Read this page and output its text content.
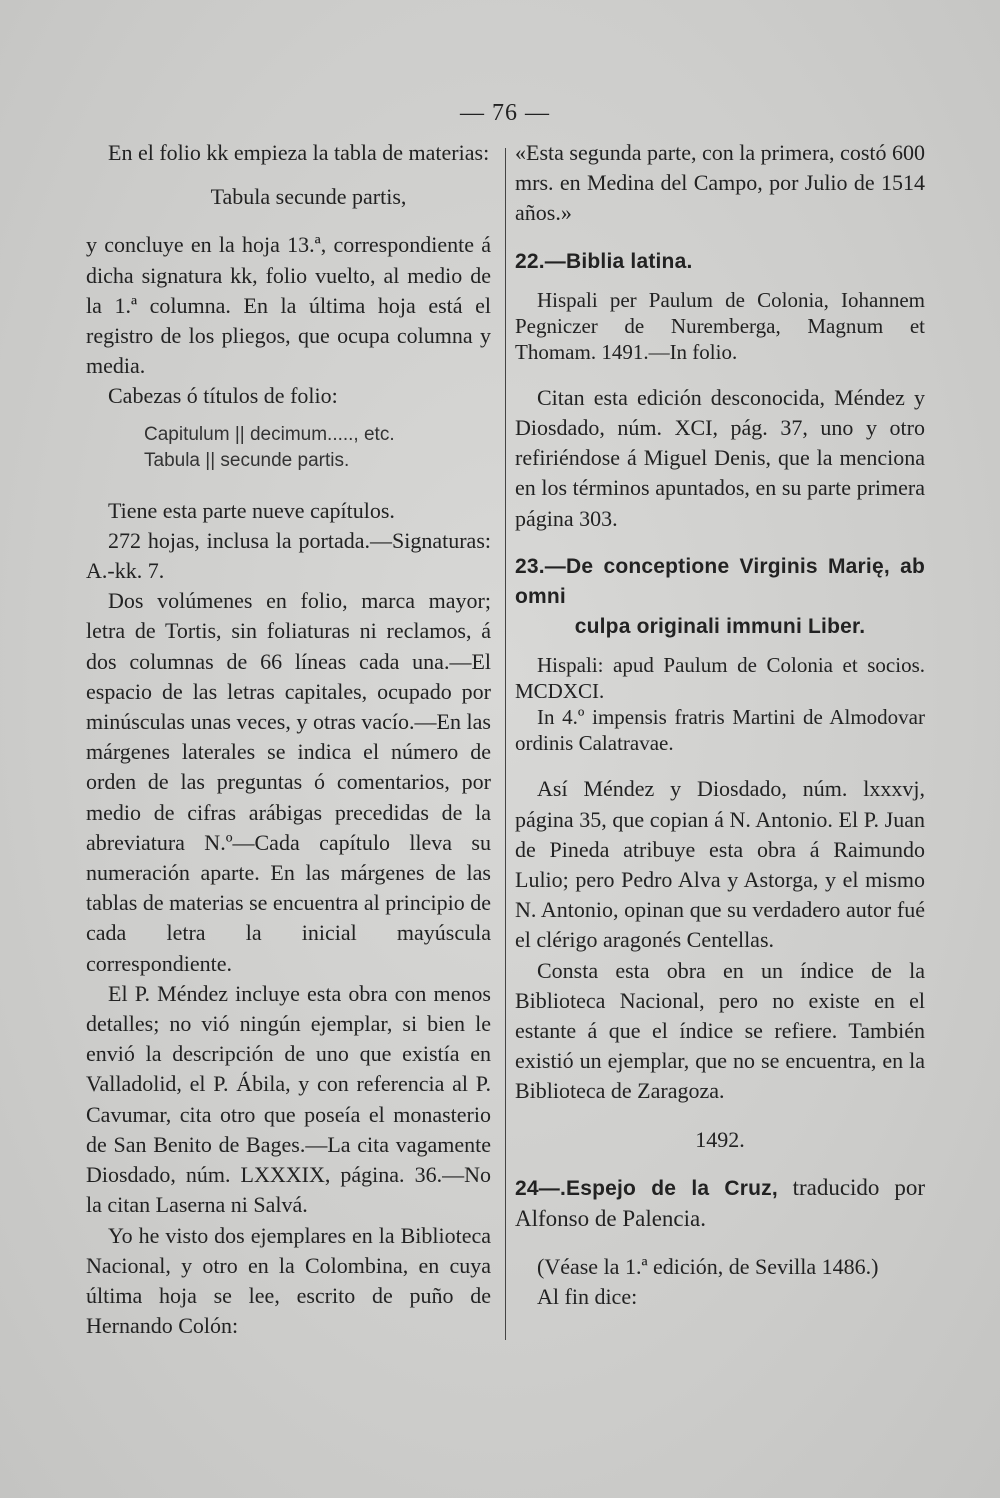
— 76 —

En el folio kk empieza la tabla de materias:

Tabula secunde partis,

y concluye en la hoja 13.ª, correspondiente á dicha signatura kk, folio vuelto, al medio de la 1.ª columna. En la última hoja está el registro de los pliegos, que ocupa columna y media.

Cabezas ó títulos de folio:

Capitulum || decimum....., etc.
Tabula || secunde partis.

Tiene esta parte nueve capítulos.

272 hojas, inclusa la portada.—Signaturas: A.-kk. 7.

Dos volúmenes en folio, marca mayor; letra de Tortis, sin foliaturas ni reclamos, á dos columnas de 66 líneas cada una.—El espacio de las letras capitales, ocupado por minúsculas unas veces, y otras vacío.—En las márgenes laterales se indica el número de orden de las preguntas ó comentarios, por medio de cifras arábigas precedidas de la abreviatura N.º—Cada capítulo lleva su numeración aparte. En las márgenes de las tablas de materias se encuentra al principio de cada letra la inicial mayúscula correspondiente.

El P. Méndez incluye esta obra con menos detalles; no vió ningún ejemplar, si bien le envió la descripción de uno que existía en Valladolid, el P. Ábila, y con referencia al P. Cavumar, cita otro que poseía el monasterio de San Benito de Bages.—La cita vagamente Diosdado, núm. LXXXIX, página. 36.—No la citan Laserna ni Salvá.

Yo he visto dos ejemplares en la Biblioteca Nacional, y otro en la Colombina, en cuya última hoja se lee, escrito de puño de Hernando Colón:

«Esta segunda parte, con la primera, costó 600 mrs. en Medina del Campo, por Julio de 1514 años.»

22.—Biblia latina.

Hispali per Paulum de Colonia, Iohannem Pegniczer de Nuremberga, Magnum et Thomam. 1491.—In folio.

Citan esta edición desconocida, Méndez y Diosdado, núm. XCI, pág. 37, uno y otro refiriéndose á Miguel Denis, que la menciona en los términos apuntados, en su parte primera página 303.

23.—De conceptione Virginis Marię, ab omni

culpa originali immuni Liber.

Hispali: apud Paulum de Colonia et socios. MCDXCI.

In 4.º impensis fratris Martini de Almodovar ordinis Calatravae.

Así Méndez y Diosdado, núm. lxxxvj, página 35, que copian á N. Antonio. El P. Juan de Pineda atribuye esta obra á Raimundo Lulio; pero Pedro Alva y Astorga, y el mismo N. Antonio, opinan que su verdadero autor fué el clérigo aragonés Centellas.

Consta esta obra en un índice de la Biblioteca Nacional, pero no existe en el estante á que el índice se refiere. También existió un ejemplar, que no se encuentra, en la Biblioteca de Zaragoza.

1492.

24—.Espejo de la Cruz, traducido por Alfonso de Palencia.

(Véase la 1.ª edición, de Sevilla 1486.)

Al fin dice:
